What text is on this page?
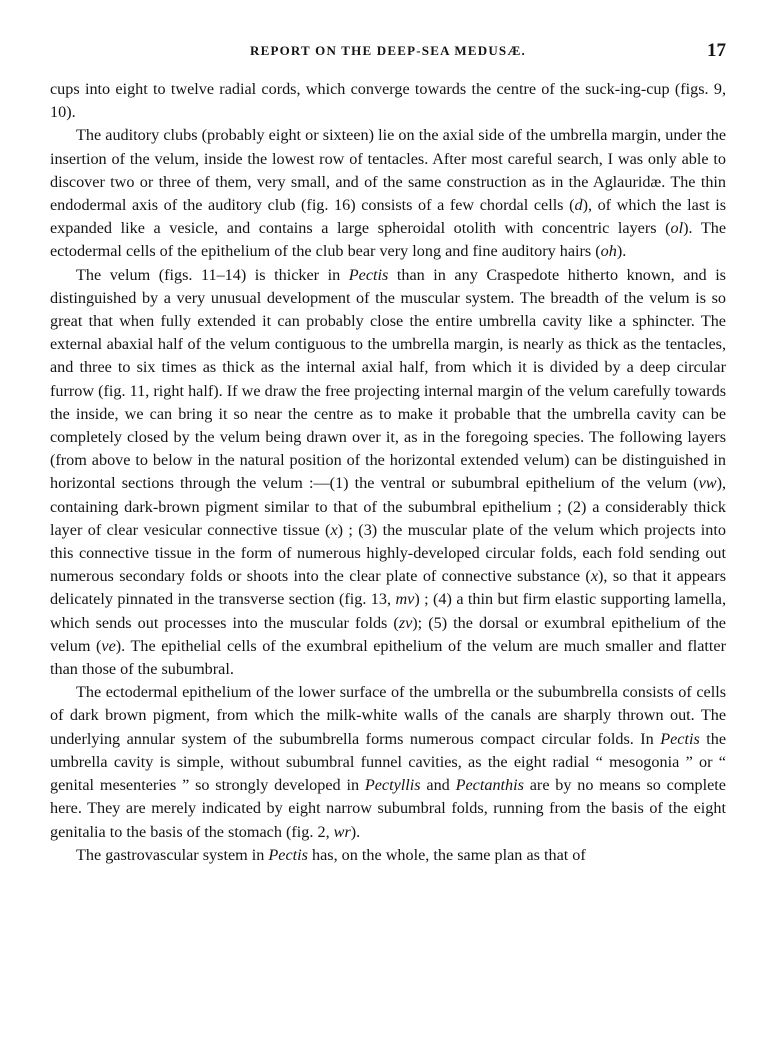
REPORT ON THE DEEP-SEA MEDUSÆ.	17

cups into eight to twelve radial cords, which converge towards the centre of the suck-ing-cup (figs. 9, 10).

The auditory clubs (probably eight or sixteen) lie on the axial side of the umbrella margin, under the insertion of the velum, inside the lowest row of tentacles. After most careful search, I was only able to discover two or three of them, very small, and of the same construction as in the Aglauridæ. The thin endodermal axis of the auditory club (fig. 16) consists of a few chordal cells (d), of which the last is expanded like a vesicle, and contains a large spheroidal otolith with concentric layers (ol). The ectodermal cells of the epithelium of the club bear very long and fine auditory hairs (oh).

The velum (figs. 11–14) is thicker in Pectis than in any Craspedote hitherto known, and is distinguished by a very unusual development of the muscular system. The breadth of the velum is so great that when fully extended it can probably close the entire umbrella cavity like a sphincter. The external abaxial half of the velum contiguous to the umbrella margin, is nearly as thick as the tentacles, and three to six times as thick as the internal axial half, from which it is divided by a deep circular furrow (fig. 11, right half). If we draw the free projecting internal margin of the velum carefully towards the inside, we can bring it so near the centre as to make it probable that the umbrella cavity can be completely closed by the velum being drawn over it, as in the foregoing species. The following layers (from above to below in the natural position of the horizontal extended velum) can be distinguished in horizontal sections through the velum :—(1) the ventral or subumbral epithelium of the velum (vw), containing dark-brown pigment similar to that of the subumbral epithelium ; (2) a considerably thick layer of clear vesicular connective tissue (x) ; (3) the muscular plate of the velum which projects into this connective tissue in the form of numerous highly-developed circular folds, each fold sending out numerous secondary folds or shoots into the clear plate of connective substance (x), so that it appears delicately pinnated in the transverse section (fig. 13, mv) ; (4) a thin but firm elastic supporting lamella, which sends out processes into the muscular folds (zv); (5) the dorsal or exumbral epithelium of the velum (ve). The epithelial cells of the exumbral epithelium of the velum are much smaller and flatter than those of the subumbral.

The ectodermal epithelium of the lower surface of the umbrella or the subumbrella consists of cells of dark brown pigment, from which the milk-white walls of the canals are sharply thrown out. The underlying annular system of the subumbrella forms numerous compact circular folds. In Pectis the umbrella cavity is simple, without subumbral funnel cavities, as the eight radial “ mesogonia ” or “ genital mesenteries ” so strongly developed in Pectyllis and Pectanthis are by no means so complete here. They are merely indicated by eight narrow subumbral folds, running from the basis of the eight genitalia to the basis of the stomach (fig. 2, wr).

The gastrovascular system in Pectis has, on the whole, the same plan as that of
